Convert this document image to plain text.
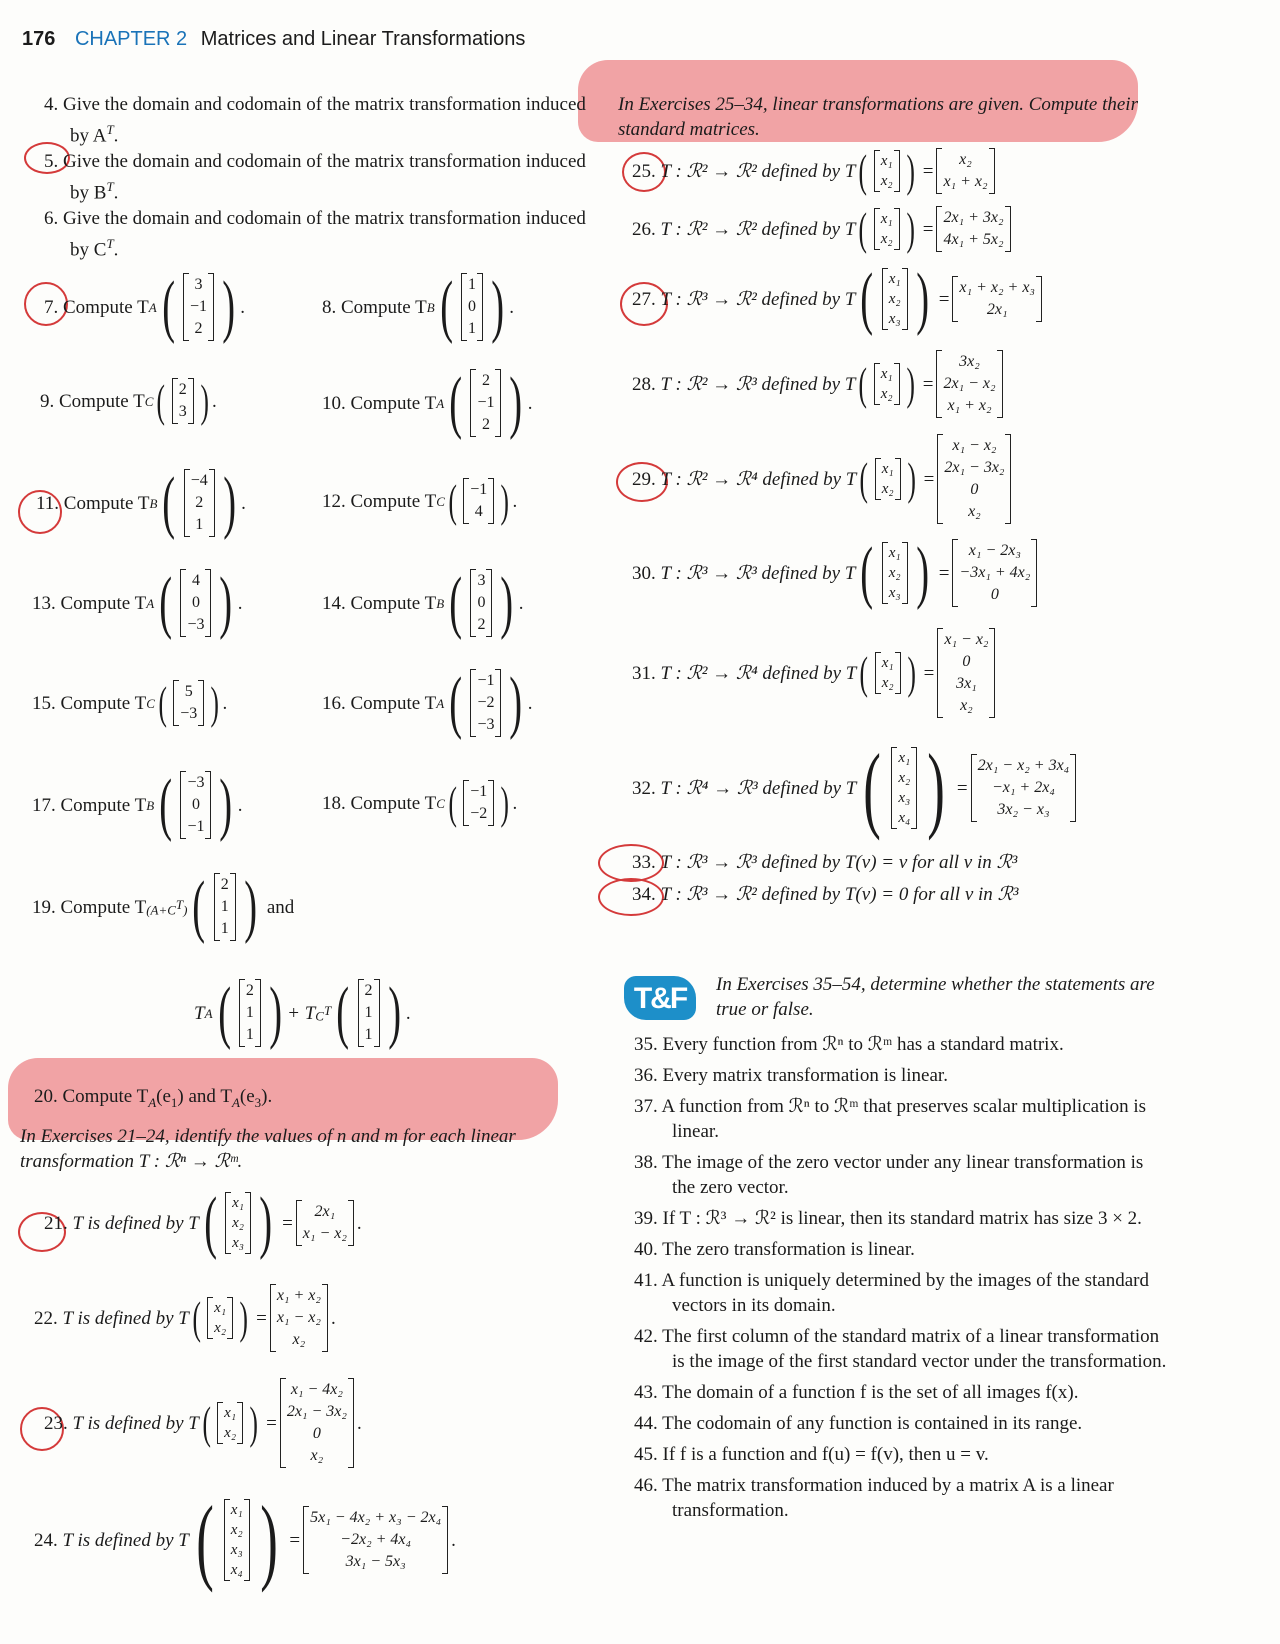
176 CHAPTER 2 Matrices and Linear Transformations
4. Give the domain and codomain of the matrix transformation induced by $A^T$.
5. Give the domain and codomain of the matrix transformation induced by $B^T$.
6. Give the domain and codomain of the matrix transformation induced by $C^T$.
7.
Compute T A ( 3
−1
2 ) .	8.
Compute T B ( 1
0
1 ) .
9.
Compute T C ( 2
3 ) .	10.
Compute T A ( 2
−1
2 ) .
11.
Compute T B ( −4
2
1 ) .	12.
Compute T C ( −1
4 ) .
13.
Compute T A ( 4
0
−3 ) .	14.
Compute T B ( 3
0
2 ) .
15.
Compute T C ( 5
−3 ) .	16.
Compute T A ( −1
−2
−3 ) .
17.
Compute T B ( −3
0
−1 ) .	18.
Compute T C ( −1
−2 ) .
19.
Compute T $(A+C^T)$ ( 2
1
1 )
and
T A ( 2
1
1 ) + T $C^T$ ( 2
1
1 ) .
20. Compute $T_A(e_1)$ and $T_A(e_3)$.
In Exercises 21–24, identify the values of n and m for each linear transformation T : ℛⁿ → ℛᵐ.
21.
T is defined by T ( x₁
x₂
x₃ ) =
2x₁
x₁ − x₂ .
22.
T is defined by T ( x₁
x₂ ) =
x₁ + x₂
x₁ − x₂
x₂
.
23.
T is defined by T ( x₁
x₂ ) =
x₁ − 4x₂
2x₁ − 3x₂
0
x₂
.
24.
T is defined by T ( x₁
x₂
x₃
x₄ ) =
5x₁ − 4x₂ + x₃ − 2x₄
−2x₂ + 4x₄
3x₁ − 5x₃
.
In Exercises 25–34, linear transformations are given. Compute their standard matrices.
25.
T : ℛ² → ℛ² defined by T ( x₁
x₂ ) =
x₂
x₁ + x₂
26.
T : ℛ² → ℛ² defined by T ( x₁
x₂ ) =
2x₁ + 3x₂
4x₁ + 5x₂
27.
T : ℛ³ → ℛ² defined by T ( x₁
x₂
x₃ ) =
x₁ + x₂ + x₃
2x₁
28.
T : ℛ² → ℛ³ defined by T ( x₁
x₂ ) =
3x₂
2x₁ − x₂
x₁ + x₂
29.
T : ℛ² → ℛ⁴ defined by T ( x₁
x₂ ) =
x₁ − x₂
2x₁ − 3x₂
0
x₂
30.
T : ℛ³ → ℛ³ defined by T ( x₁
x₂
x₃ ) =
x₁ − 2x₃
−3x₁ + 4x₂
0
31.
T : ℛ² → ℛ⁴ defined by T ( x₁
x₂ ) =
x₁ − x₂
0
3x₁
x₂
32.
T : ℛ⁴ → ℛ³ defined by T ( x₁
x₂
x₃
x₄ ) =
2x₁ − x₂ + 3x₄
−x₁ + 2x₄
3x₂ − x₃
33. T : ℛ³ → ℛ³ defined by T(v) = v for all v in ℛ³
34. T : ℛ³ → ℛ² defined by T(v) = 0 for all v in ℛ³
T&F	In Exercises 35–54, determine whether the statements are true or false.
35. Every function from ℛⁿ to ℛᵐ has a standard matrix.
36. Every matrix transformation is linear.
37. A function from ℛⁿ to ℛᵐ that preserves scalar multiplication is linear.
38. The image of the zero vector under any linear transformation is the zero vector.
39. If T : ℛ³ → ℛ² is linear, then its standard matrix has size 3 × 2.
40. The zero transformation is linear.
41. A function is uniquely determined by the images of the standard vectors in its domain.
42. The first column of the standard matrix of a linear transformation is the image of the first standard vector under the transformation.
43. The domain of a function f is the set of all images f(x).
44. The codomain of any function is contained in its range.
45. If f is a function and f(u) = f(v), then u = v.
46. The matrix transformation induced by a matrix A is a linear transformation.
